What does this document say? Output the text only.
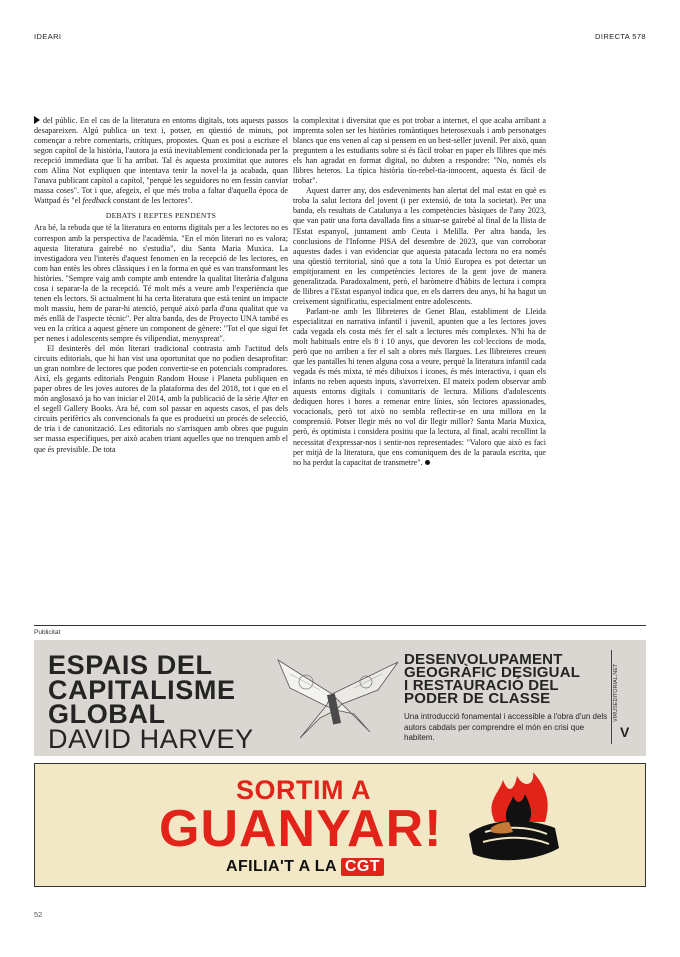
IDEARI	DIRECTA 578

del públic. En el cas de la literatura en entorns digitals, tots aquests passos desapareixen. Algú publica un text i, potser, en qüestió de minuts, pot començar a rebre comentaris, crítiques, propostes. Quan es posi a escriure el segon capítol de la història, l'autora ja està inevitablement condicionada per la recepció immediata que li ha arribat. Tal és aquesta proximitat que autores com Alina Not expliquen que intentava tenir la novel·la ja acabada, quan l'anava publicant capítol a capítol, "perquè les seguidores no em fessin canviar massa coses". Tot i que, afegeix, el que més troba a faltar d'aquella època de Wattpad és "el feedback constant de les lectores".

DEBATS I REPTES PENDENTS

Ara bé, la rebuda que té la literatura en entorns digitals per a les lectores no es correspon amb la perspectiva de l'acadèmia. "En el món literari no es valora; aquesta literatura gairebé no s'estudia", diu Santa Maria Muxica. La investigadora veu l'interès d'aquest fenomen en la recepció de les lectores, en com han entès les obres clàssiques i en la forma en què es van transformant les històries. "Sempre vaig amb compte amb entendre la qualitat literària d'alguna cosa i separar-la de la recepció. Té molt més a veure amb l'experiència que tenen els lectors. Si actualment hi ha certa literatura que està tenint un impacte molt massiu, hem de parar-hi atenció, perquè això parla d'una qualitat que va més enllà de l'aspecte tècnic". Per altra banda, des de Proyecto UNA també es veu en la crítica a aquest gènere un component de gènere: "Tot el que sigui fet per nenes i adolescents sempre és vilipendiat, menyspreat".

El desinterès del món literari tradicional contrasta amb l'actitud dels circuits editorials, que hi han vist una oportunitat que no podien desaprofitar: un gran nombre de lectores que poden convertir-se en potencials compradores. Així, els gegants editorials Penguin Random House i Planeta publiquen en paper obres de les joves autores de la plataforma des del 2018, tot i que en el món anglosaxó ja ho van iniciar el 2014, amb la publicació de la sèrie After en el segell Gallery Books. Ara bé, com sol passar en aquests casos, el pas dels circuits perifèrics als convencionals fa que es produeixi un procés de selecció, de tria i de canonització. Les editorials no s'arrisquen amb obres que puguin ser massa específiques, per això acaben triant aquelles que no trenquen amb el que és previsible. De tota

la complexitat i diversitat que es pot trobar a internet, el que acaba arribant a impremta solen ser les històries romàntiques heterosexuals i amb personatges blancs que ens venen al cap si pensem en un best-seller juvenil. Per això, quan preguntem a les estudiants sobre si és fàcil trobar en paper els llibres que més els han agradat en format digital, no dubten a respondre: "No, només els llibres heteros. La típica història tío-rebel-tia-innocent, aquesta és fàcil de trobar".

Aquest darrer any, dos esdeveniments han alertat del mal estat en què es troba la salut lectora del jovent (i per extensió, de tota la societat). Per una banda, els resultats de Catalunya a les competències bàsiques de l'any 2023, que van patir una forta davallada fins a situar-se gairebé al final de la llista de l'Estat espanyol, juntament amb Ceuta i Melilla. Per altra banda, les conclusions de l'Informe PISA del desembre de 2023, que van corroborar aquestes dades i van evidenciar que aquesta patacada lectora no era només una qüestió territorial, sinó que a tota la Unió Europea es pot detectar un empitjorament en les competències lectores de la gent jove de manera generalitzada. Paradoxalment, però, el baròmetre d'hàbits de lectura i compra de llibres a l'Estat espanyol indica que, en els darrers deu anys, hi ha hagut un creixement significatiu, especialment entre adolescents.

Parlant-ne amb les llibreteres de Genet Blau, establiment de Lleida especialitzat en narrativa infantil i juvenil, apunten que a les lectores joves cada vegada els costa més fer el salt a lectures més complexes. N'hi ha de molt habituals entre els 8 i 10 anys, que devoren les col·leccions de moda, però que no arriben a fer el salt a obres més llargues. Les llibreteres creuen que les pantalles hi tenen alguna cosa a veure, perquè la literatura infantil cada vegada és més mixta, té més dibuixos i icones, és més interactiva, i quan els infants no reben aquests inputs, s'avorreixen. El mateix podem observar amb aquests entorns digitals i comunitaris de lectura. Milions d'adolescents dediquen hores i hores a remenar entre línies, són lectores apassionades, vocacionals, però tot això no sembla reflectir-se en una millora en la comprensió. Potser llegir més no vol dir llegir millor? Santa Maria Muxica, però, és optimista i considera positiu que la lectura, al final, acabi recollint la necessitat d'expressar-nos i sentir-nos representades: "Valoro que això es faci per mitjà de la literatura, que ens comuniquem des de la paraula escrita, que no ha perdut la capacitat de transmetre".

Publicitat
ESPAIS DEL
CAPITALISME
GLOBAL
DAVID HARVEY
DESENVOLUPAMENT
GEOGRÀFIC DESIGUAL
I RESTAURACIÓ DEL
PODER DE CLASSE
Una introducció fonamental i accessible a l'obra d'un dels autors cabdals per comprendre el món en crisi que habitem.
VIRUSEDITORIAL.NET
V
SORTIM A
GUANYAR!
AFILIA'T A LA CGT
52
